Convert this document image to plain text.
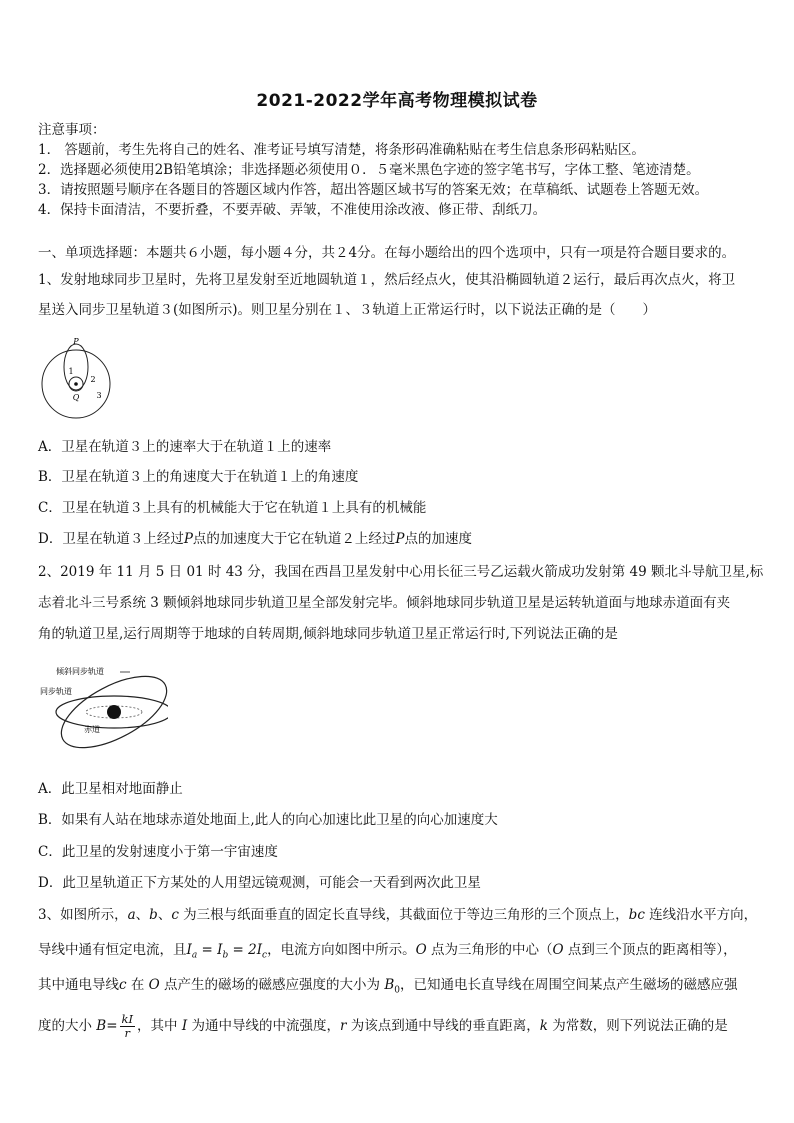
2021-2022学年高考物理模拟试卷
注意事项：
1． 答题前，考生先将自己的姓名、准考证号填写清楚，将条形码准确粘贴在考生信息条形码粘贴区。
2．选择题必须使用2B铅笔填涂；非选择题必须使用０．５毫米黑色字迹的签字笔书写，字体工整、笔迹清楚。
3．请按照题号顺序在各题目的答题区域内作答，超出答题区域书写的答案无效；在草稿纸、试题卷上答题无效。
4．保持卡面清洁，不要折叠，不要弄破、弄皱，不准使用涂改液、修正带、刮纸刀。
一、单项选择题：本题共６小题，每小题４分，共２4分。在每小题给出的四个选项中，只有一项是符合题目要求的。
1、发射地球同步卫星时，先将卫星发射至近地圆轨道１，然后经点火，使其沿椭圆轨道２运行，最后再次点火，将卫
星送入同步卫星轨道３(如图所示)。则卫星分别在１、３轨道上正常运行时，以下说法正确的是（　　）
P
Q
1
2
3
A．卫星在轨道３上的速率大于在轨道１上的速率
B．卫星在轨道３上的角速度大于在轨道１上的角速度
C．卫星在轨道３上具有的机械能大于它在轨道１上具有的机械能
D．卫星在轨道３上经过P点的加速度大于它在轨道２上经过P点的加速度
2、2019 年 11 月 5 日 01 时 43 分，我国在西昌卫星发射中心用长征三号乙运载火箭成功发射第 49 颗北斗导航卫星,标
志着北斗三号系统 3 颗倾斜地球同步轨道卫星全部发射完毕。倾斜地球同步轨道卫星是运转轨道面与地球赤道面有夹
角的轨道卫星,运行周期等于地球的自转周期,倾斜地球同步轨道卫星正常运行时,下列说法正确的是
倾斜同步轨道
同步轨道
赤道
A．此卫星相对地面静止
B．如果有人站在地球赤道处地面上,此人的向心加速比此卫星的向心加速度大
C．此卫星的发射速度小于第一宇宙速度
D．此卫星轨道正下方某处的人用望远镜观测，可能会一天看到两次此卫星
3、如图所示，a、b、c 为三根与纸面垂直的固定长直导线，其截面位于等边三角形的三个顶点上，bc 连线沿水平方向，
导线中通有恒定电流，且$I_a = I_b = 2I_c$，电流方向如图中所示。O 点为三角形的中心（O 点到三个顶点的距离相等），
其中通电导线c 在 O 点产生的磁场的磁感应强度的大小为 $B_0$，已知通电长直导线在周围空间某点产生磁场的磁感应强
度的大小 $B= \frac{kI}{r}$ ，其中 I 为通中导线的中流强度，r 为该点到通中导线的垂直距离，k 为常数，则下列说法正确的是
